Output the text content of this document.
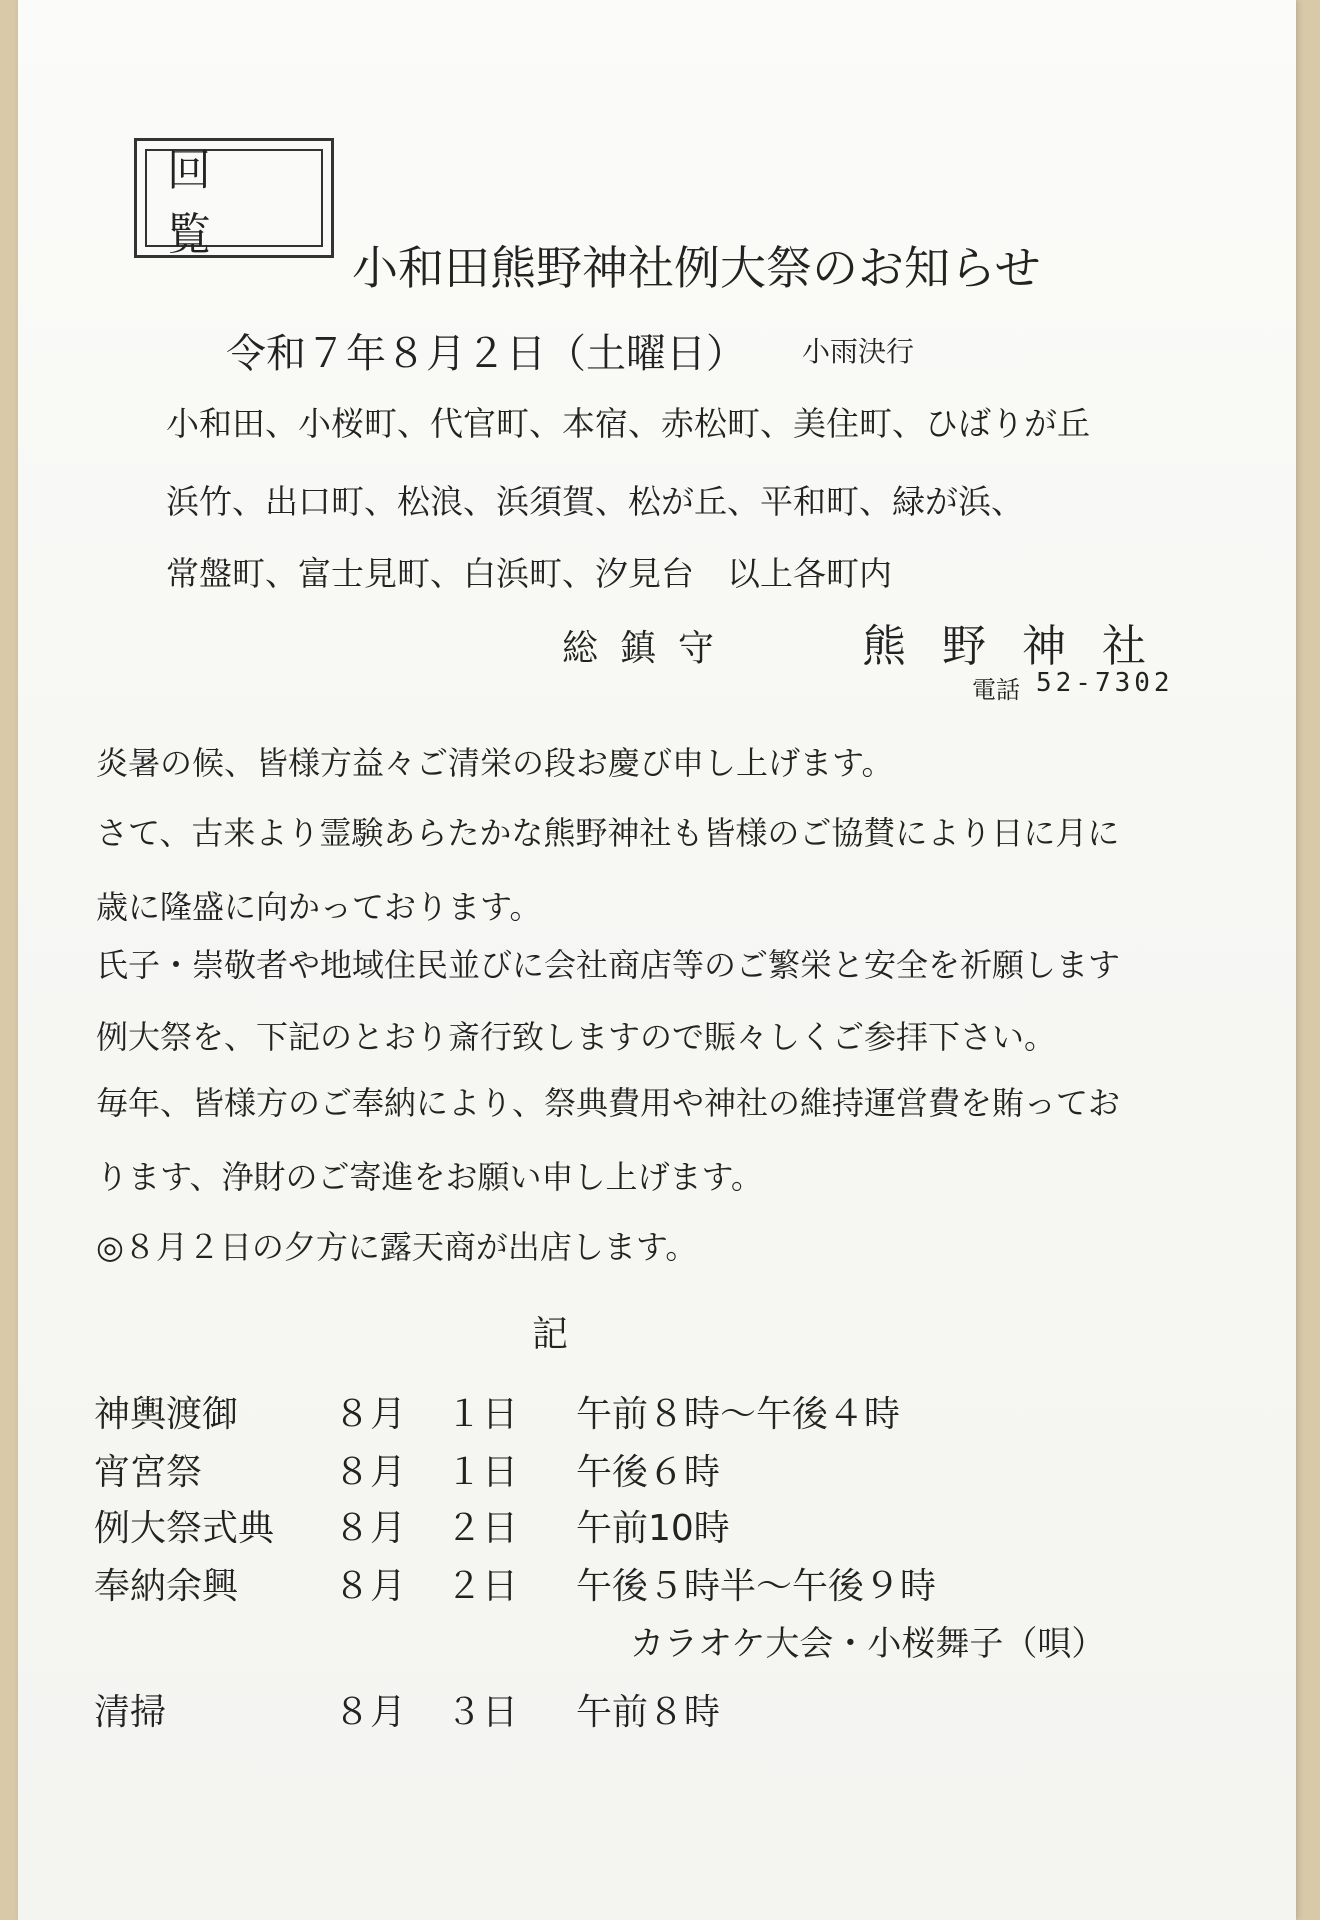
回 覧
小和田熊野神社例大祭のお知らせ
令和７年８月２日（土曜日） 小雨決行
小和田、小桜町、代官町、本宿、赤松町、美住町、ひばりが丘
浜竹、出口町、松浪、浜須賀、松が丘、平和町、緑が浜、
常盤町、富士見町、白浜町、汐見台　以上各町内
総鎮守	熊野神社
電話 52-7302
炎暑の候、皆様方益々ご清栄の段お慶び申し上げます。
さて、古来より霊験あらたかな熊野神社も皆様のご協賛により日に月に
歳に隆盛に向かっております。
氏子・崇敬者や地域住民並びに会社商店等のご繁栄と安全を祈願します
例大祭を、下記のとおり斎行致しますので賑々しくご参拝下さい。
毎年、皆様方のご奉納により、祭典費用や神社の維持運営費を賄ってお
ります、浄財のご寄進をお願い申し上げます。
◎８月２日の夕方に露天商が出店します。
記
神輿渡御	８月 １日 午前８時～午後４時
宵宮祭	８月 １日 午後６時
例大祭式典 ８月 ２日 午前10時
奉納余興	８月 ２日 午後５時半～午後９時
カラオケ大会・小桜舞子（唄）
清掃	８月 ３日 午前８時
